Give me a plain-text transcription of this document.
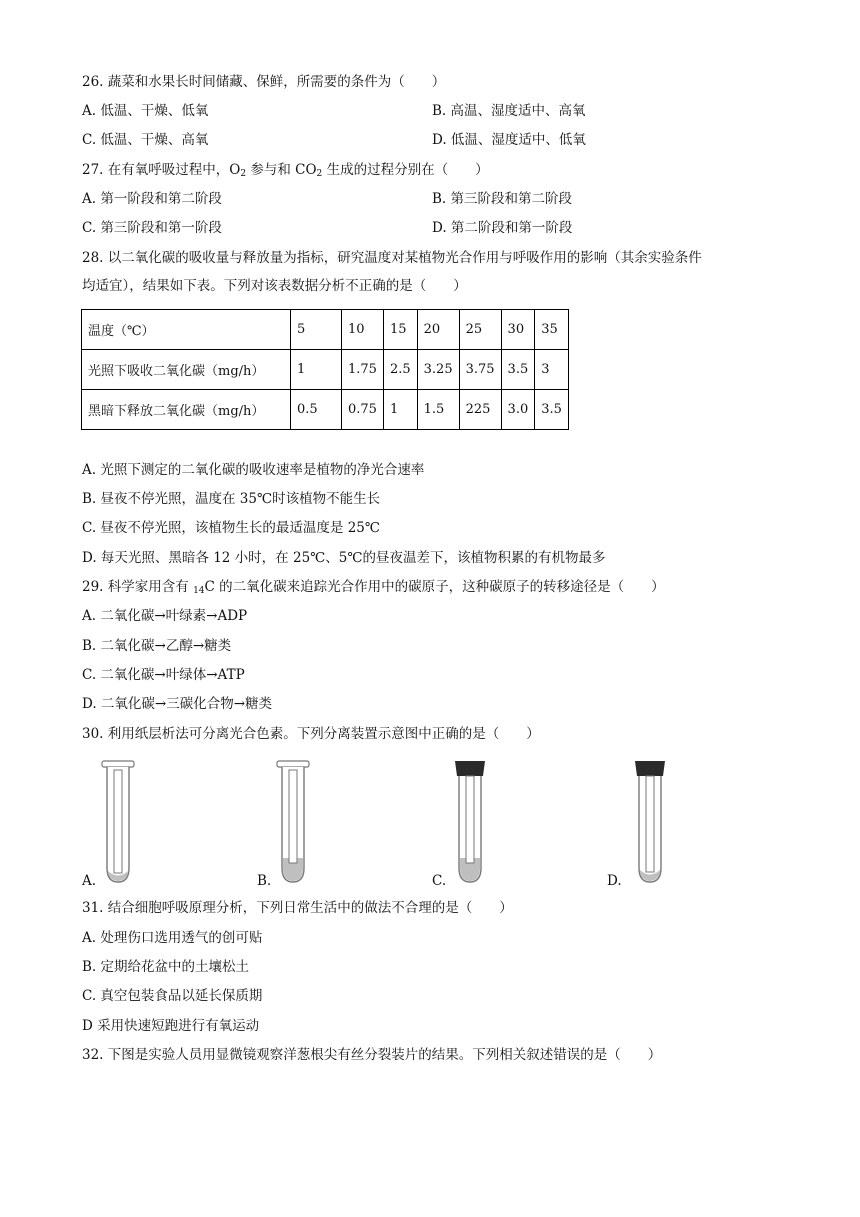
26. 蔬菜和水果长时间储藏、保鲜，所需要的条件为（　　）
A. 低温、干燥、低氧	B. 高温、湿度适中、高氧
C. 低温、干燥、高氧	D. 低温、湿度适中、低氧
27. 在有氧呼吸过程中，$O_2$ 参与和 $CO_2$ 生成的过程分别在（　　）
A. 第一阶段和第二阶段	B. 第三阶段和第二阶段
C. 第三阶段和第一阶段	D. 第二阶段和第一阶段
28. 以二氧化碳的吸收量与释放量为指标，研究温度对某植物光合作用与呼吸作用的影响（其余实验条件
均适宜），结果如下表。下列对该表数据分析不正确的是（　　）
温度（℃）	5	10	15	20	25	30	35
光照下吸收二氧化碳（mg/h）	1	1.75	2.5	3.25	3.75	3.5	3
黑暗下释放二氧化碳（mg/h）	0.5	0.75	1	1.5	225	3.0	3.5
A. 光照下测定的二氧化碳的吸收速率是植物的净光合速率
B. 昼夜不停光照，温度在 35℃时该植物不能生长
C. 昼夜不停光照，该植物生长的最适温度是 25℃
D. 每天光照、黑暗各 12 小时，在 25℃、5℃的昼夜温差下，该植物积累的有机物最多
29. 科学家用含有 $_{14}$C 的二氧化碳来追踪光合作用中的碳原子，这种碳原子的转移途径是（　　）
A. 二氧化碳→叶绿素→ADP
B. 二氧化碳→乙醇→糖类
C. 二氧化碳→叶绿体→ATP
D. 二氧化碳→三碳化合物→糖类
30. 利用纸层析法可分离光合色素。下列分离装置示意图中正确的是（　　）
A.	B.	C.	D.
31. 结合细胞呼吸原理分析，下列日常生活中的做法不合理的是（　　）
A. 处理伤口选用透气的创可贴
B. 定期给花盆中的土壤松土
C. 真空包装食品以延长保质期
D 采用快速短跑进行有氧运动
32. 下图是实验人员用显微镜观察洋葱根尖有丝分裂装片的结果。下列相关叙述错误的是（　　）
